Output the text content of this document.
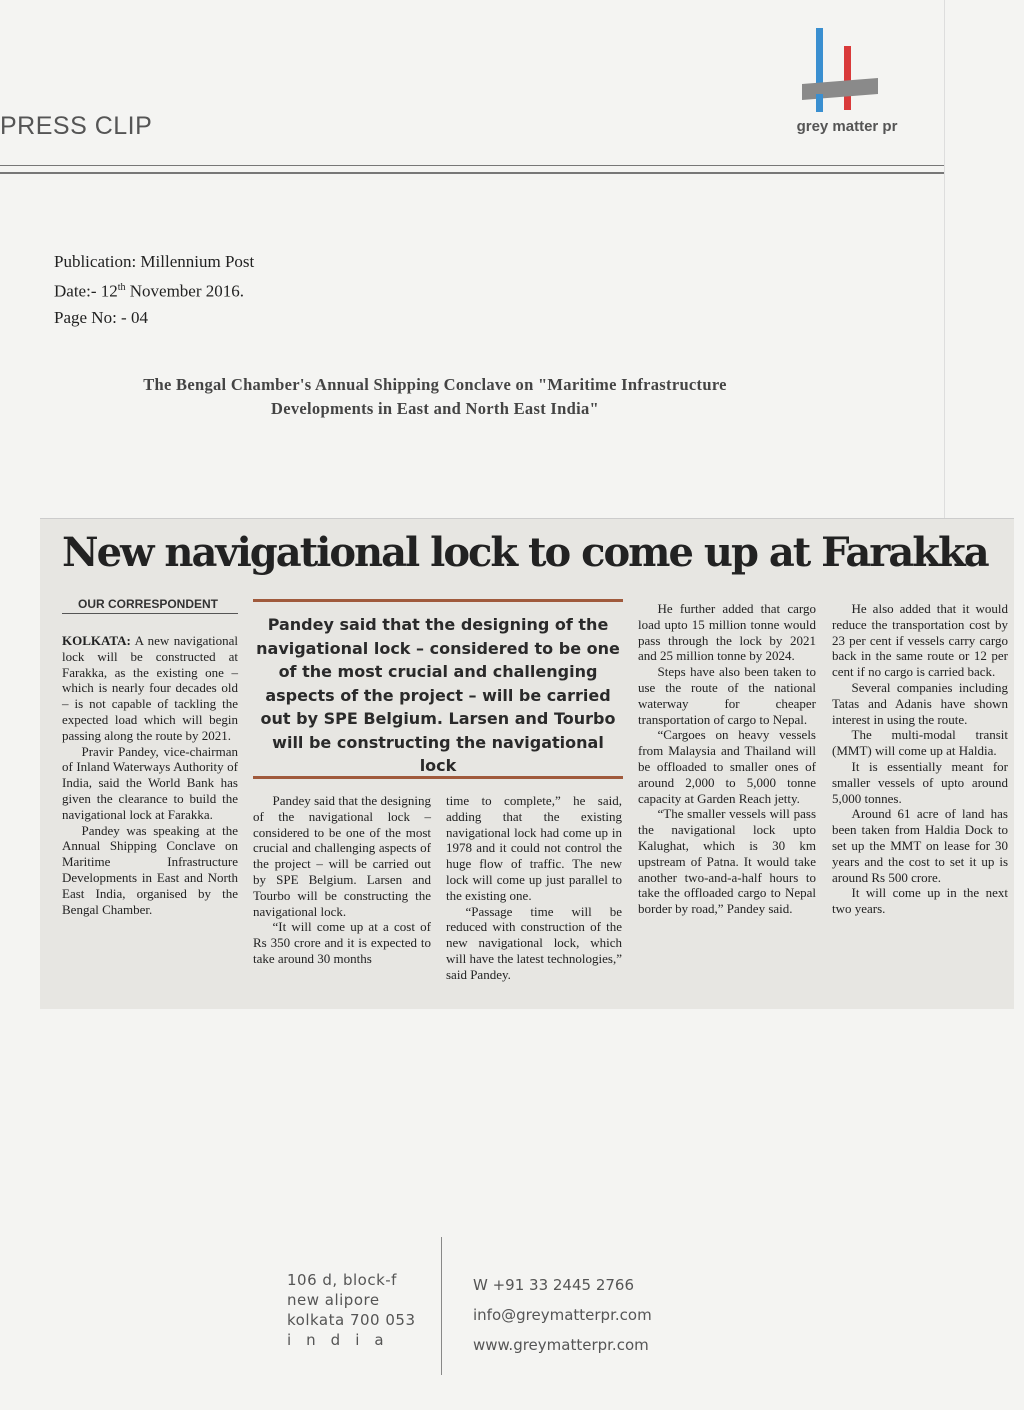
PRESS CLIP	grey matter pr
Publication: Millennium Post
Date:- 12th November 2016.
Page No: - 04
The Bengal Chamber's Annual Shipping Conclave on "Maritime Infrastructure
Developments in East and North East India"
New navigational lock to come up at Farakka
OUR CORRESPONDENT

KOLKATA: A new navigational lock will be constructed at Farakka, as the existing one – which is nearly four decades old – is not capable of tackling the expected load which will begin passing along the route by 2021.

Pravir Pandey, vice-chairman of Inland Waterways Authority of India, said the World Bank has given the clearance to build the navigational lock at Farakka.

Pandey was speaking at the Annual Shipping Conclave on Maritime Infrastructure Developments in East and North East India, organised by the Bengal Chamber.

Pandey said that the designing of the navigational lock – considered to be one of the most crucial and challenging aspects of the project – will be carried out by SPE Belgium. Larsen and Tourbo will be constructing the navigational lock

Pandey said that the designing of the navigational lock – considered to be one of the most crucial and challenging aspects of the project – will be carried out by SPE Belgium. Larsen and Tourbo will be constructing the navigational lock.

“It will come up at a cost of Rs 350 crore and it is expected to take around 30 months

time to complete,” he said, adding that the existing navigational lock had come up in 1978 and it could not control the huge flow of traffic. The new lock will come up just parallel to the existing one.

“Passage time will be reduced with construction of the new navigational lock, which will have the latest technologies,” said Pandey.

He further added that cargo load upto 15 million tonne would pass through the lock by 2021 and 25 million tonne by 2024.

Steps have also been taken to use the route of the national waterway for cheaper transportation of cargo to Nepal.

“Cargoes on heavy vessels from Malaysia and Thailand will be offloaded to smaller ones of around 2,000 to 5,000 tonne capacity at Garden Reach jetty.

“The smaller vessels will pass the navigational lock upto Kalughat, which is 30 km upstream of Patna. It would take another two-and-a-half hours to take the offloaded cargo to Nepal border by road,” Pandey said.

He also added that it would reduce the transportation cost by 23 per cent if vessels carry cargo back in the same route or 12 per cent if no cargo is carried back.

Several companies including Tatas and Adanis have shown interest in using the route.

The multi-modal transit (MMT) will come up at Haldia.

It is essentially meant for smaller vessels of upto around 5,000 tonnes.

Around 61 acre of land has been taken from Haldia Dock to set up the MMT on lease for 30 years and the cost to set it up is around Rs 500 crore.

It will come up in the next two years.

106 d, block-f
new alipore
kolkata 700 053
india
W +91 33 2445 2766
info@greymatterpr.com
www.greymatterpr.com
